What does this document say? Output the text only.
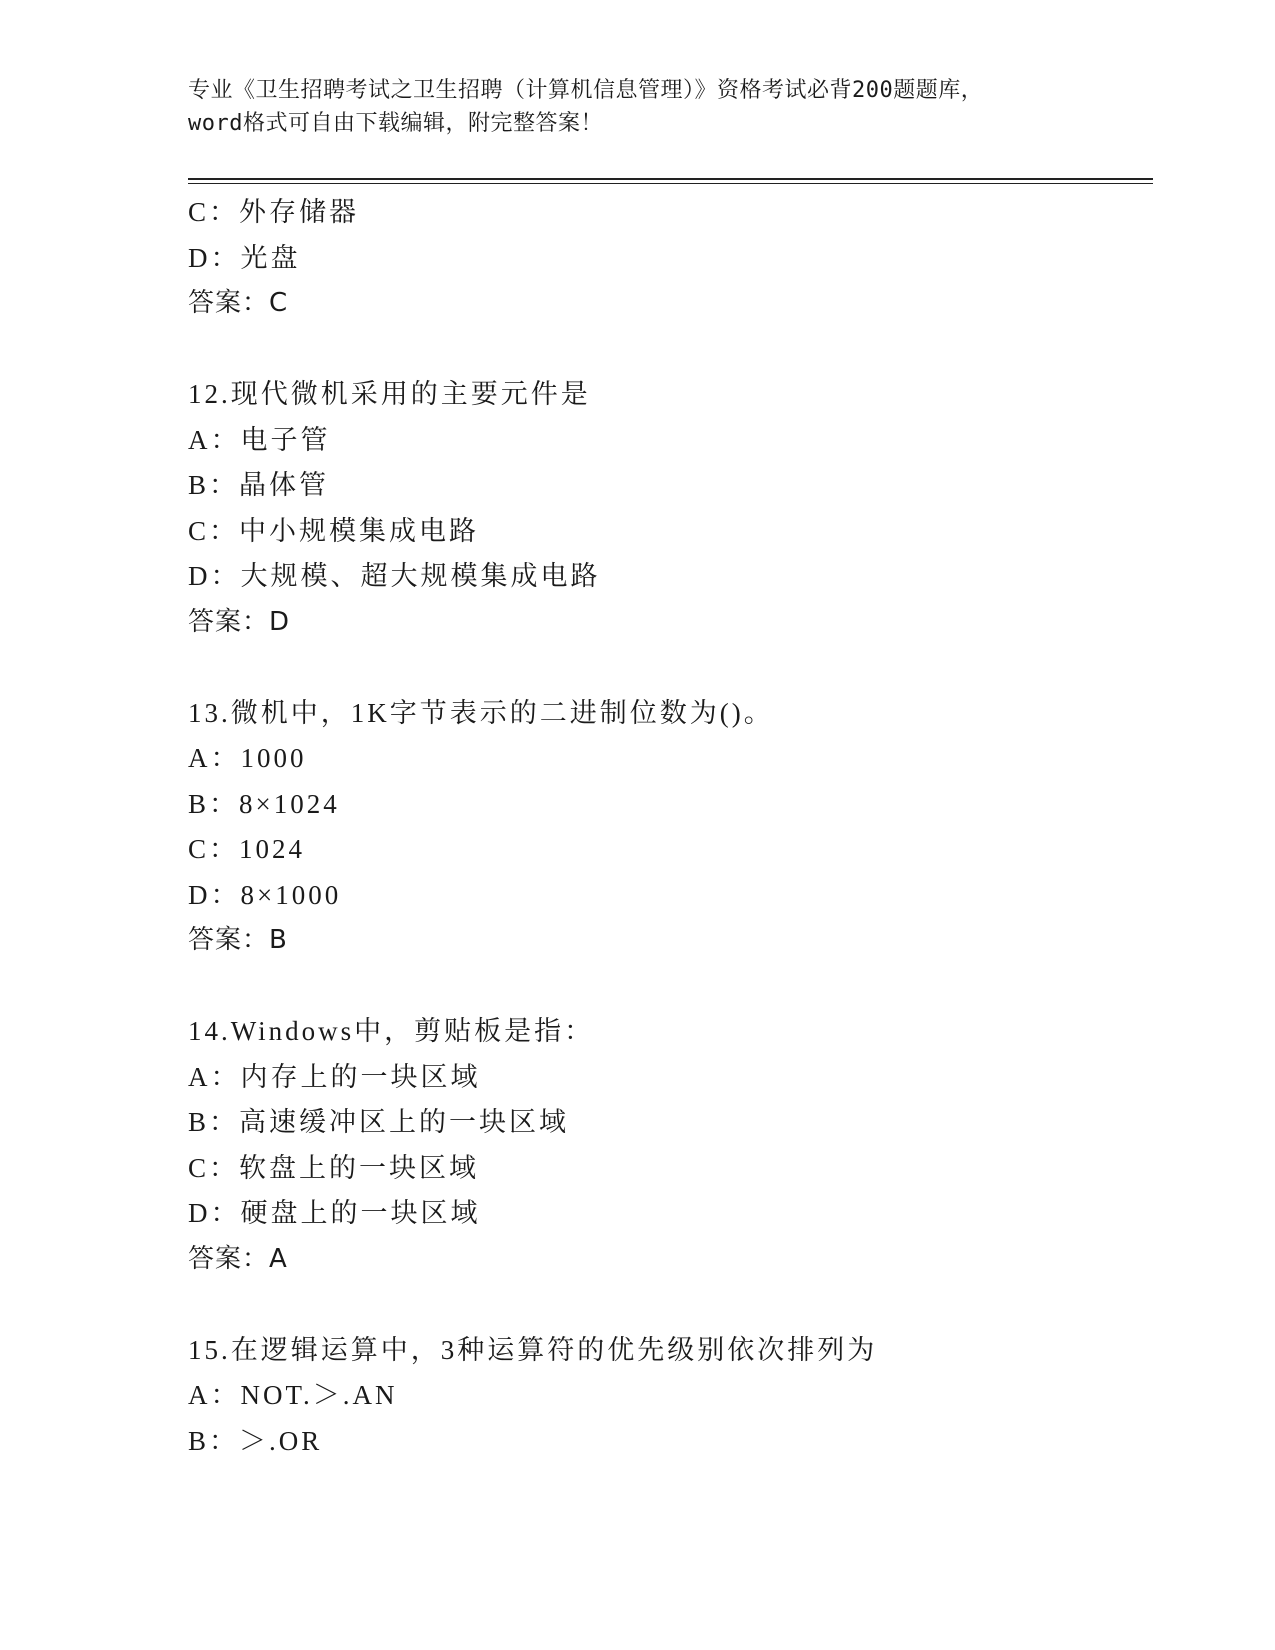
专业《卫生招聘考试之卫生招聘（计算机信息管理）》资格考试必背200题题库，
word格式可自由下载编辑，附完整答案！
C：外存储器
D：光盘
答案：C
12.现代微机采用的主要元件是
A：电子管
B：晶体管
C：中小规模集成电路
D：大规模、超大规模集成电路
答案：D
13.微机中，1K字节表示的二进制位数为()。
A：1000
B：8×1024
C：1024
D：8×1000
答案：B
14.Windows中，剪贴板是指：
A：内存上的一块区域
B：高速缓冲区上的一块区域
C：软盘上的一块区域
D：硬盘上的一块区域
答案：A
15.在逻辑运算中，3种运算符的优先级别依次排列为
A：NOT.＞.AN
B：＞.OR
